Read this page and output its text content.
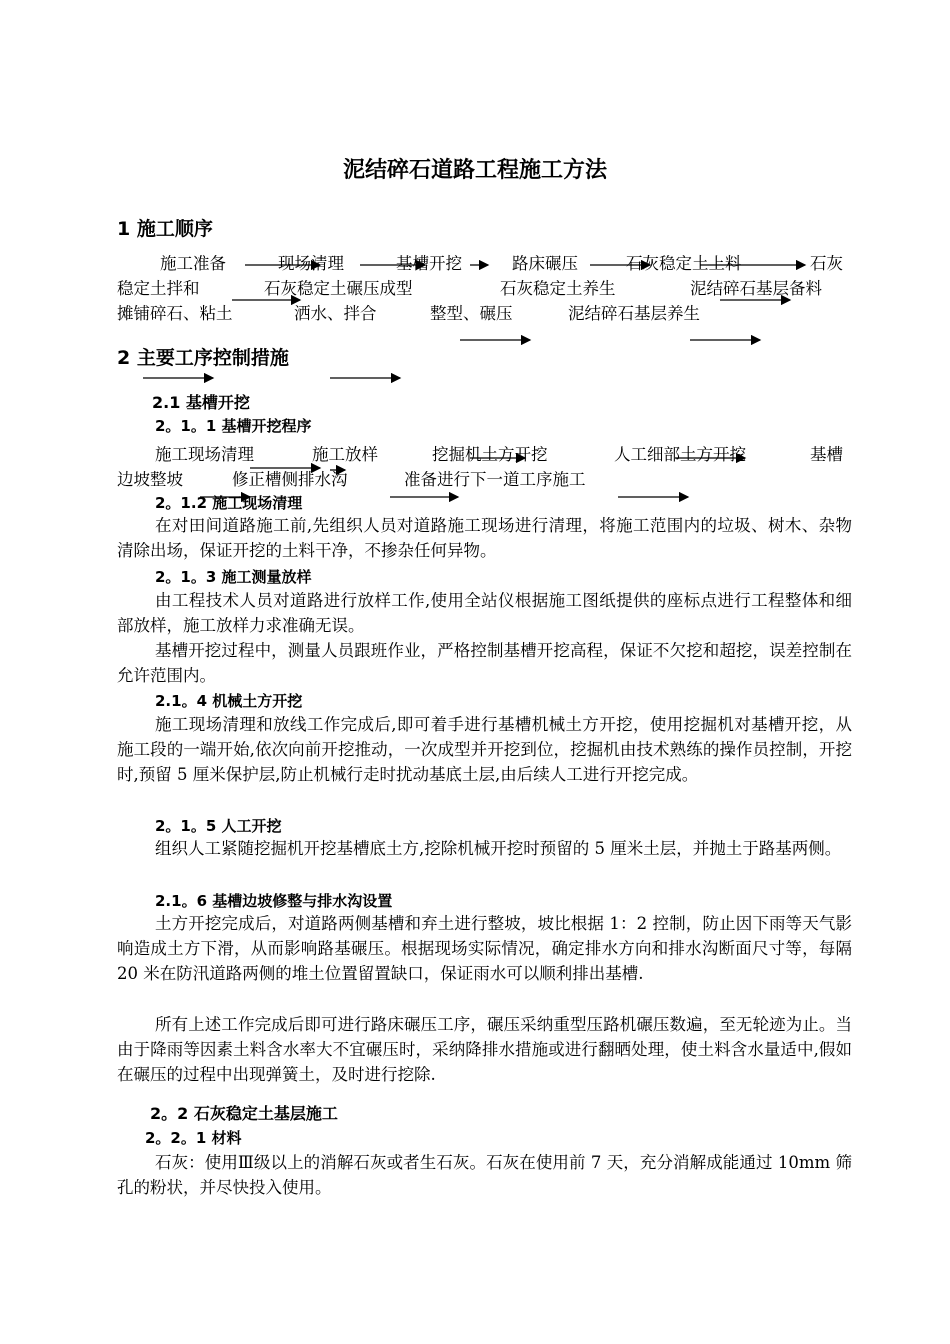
泥结碎石道路工程施工方法
1 施工顺序
施工准备	现场清理	基槽开挖	路床碾压	石灰稳定土上料	石灰
稳定土拌和	石灰稳定土碾压成型	石灰稳定土养生	泥结碎石基层备料
摊铺碎石、粘土	洒水、拌合	整型、碾压	泥结碎石基层养生
2 主要工序控制措施
2.1 基槽开挖
2。1。1 基槽开挖程序
施工现场清理	施工放样	挖掘机土方开挖	人工细部土方开挖	基槽
边坡整坡	修正槽侧排水沟	准备进行下一道工序施工
2。1.2 施工现场清理
在对田间道路施工前,先组织人员对道路施工现场进行清理，将施工范围内的垃圾、树木、杂物清除出场，保证开挖的土料干净，不掺杂任何异物。
2。1。3 施工测量放样
由工程技术人员对道路进行放样工作,使用全站仪根据施工图纸提供的座标点进行工程整体和细部放样，施工放样力求准确无误。
基槽开挖过程中，测量人员跟班作业，严格控制基槽开挖高程，保证不欠挖和超挖，误差控制在允许范围内。
2.1。4 机械土方开挖
施工现场清理和放线工作完成后,即可着手进行基槽机械土方开挖，使用挖掘机对基槽开挖，从施工段的一端开始,依次向前开挖推动，一次成型并开挖到位，挖掘机由技术熟练的操作员控制，开挖时,预留 5 厘米保护层,防止机械行走时扰动基底土层,由后续人工进行开挖完成。
2。1。5 人工开挖
组织人工紧随挖掘机开挖基槽底土方,挖除机械开挖时预留的 5 厘米土层，并抛土于路基两侧。
2.1。6 基槽边坡修整与排水沟设置
土方开挖完成后，对道路两侧基槽和弃土进行整坡，坡比根据 1：2 控制，防止因下雨等天气影响造成土方下滑，从而影响路基碾压。根据现场实际情况，确定排水方向和排水沟断面尺寸等，每隔 20 米在防汛道路两侧的堆土位置留置缺口，保证雨水可以顺利排出基槽.
所有上述工作完成后即可进行路床碾压工序，碾压采纳重型压路机碾压数遍，至无轮迹为止。当由于降雨等因素土料含水率大不宜碾压时，采纳降排水措施或进行翻晒处理，使土料含水量适中,假如在碾压的过程中出现弹簧土，及时进行挖除.
2。2 石灰稳定土基层施工
2。2。1 材料
石灰：使用Ⅲ级以上的消解石灰或者生石灰。石灰在使用前 7 天，充分消解成能通过 10mm 筛孔的粉状，并尽快投入使用。
